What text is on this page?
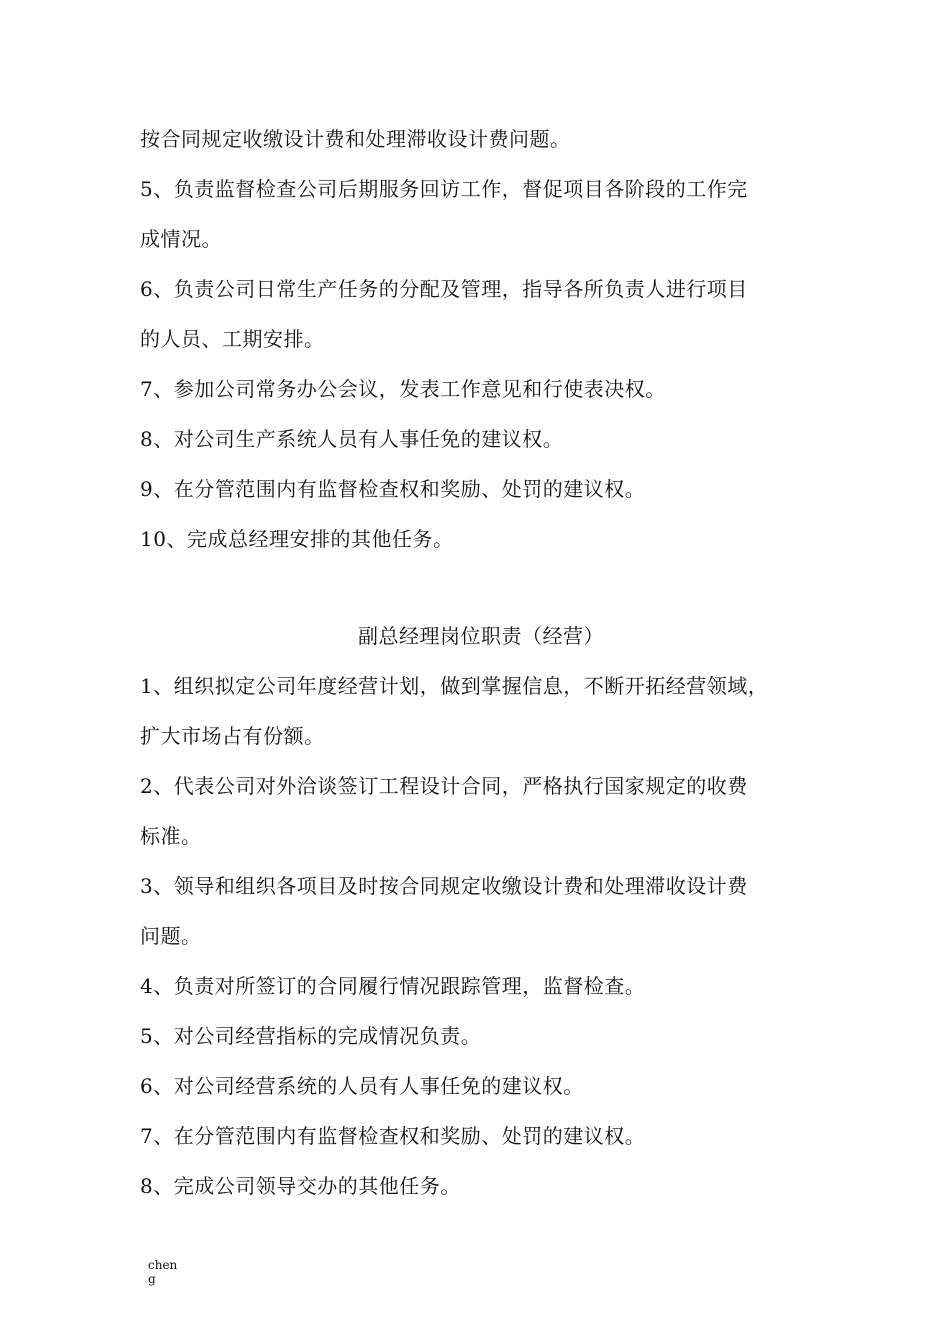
按合同规定收缴设计费和处理滞收设计费问题。
5、负责监督检查公司后期服务回访工作，督促项目各阶段的工作完
成情况。
6、负责公司日常生产任务的分配及管理，指导各所负责人进行项目
的人员、工期安排。
7、参加公司常务办公会议，发表工作意见和行使表决权。
8、对公司生产系统人员有人事任免的建议权。
9、在分管范围内有监督检查权和奖励、处罚的建议权。
10、完成总经理安排的其他任务。
副总经理岗位职责（经营）
1、组织拟定公司年度经营计划，做到掌握信息，不断开拓经营领域，
扩大市场占有份额。
2、代表公司对外洽谈签订工程设计合同，严格执行国家规定的收费
标准。
3、领导和组织各项目及时按合同规定收缴设计费和处理滞收设计费
问题。
4、负责对所签订的合同履行情况跟踪管理，监督检查。
5、对公司经营指标的完成情况负责。
6、对公司经营系统的人员有人事任免的建议权。
7、在分管范围内有监督检查权和奖励、处罚的建议权。
8、完成公司领导交办的其他任务。
cheng
